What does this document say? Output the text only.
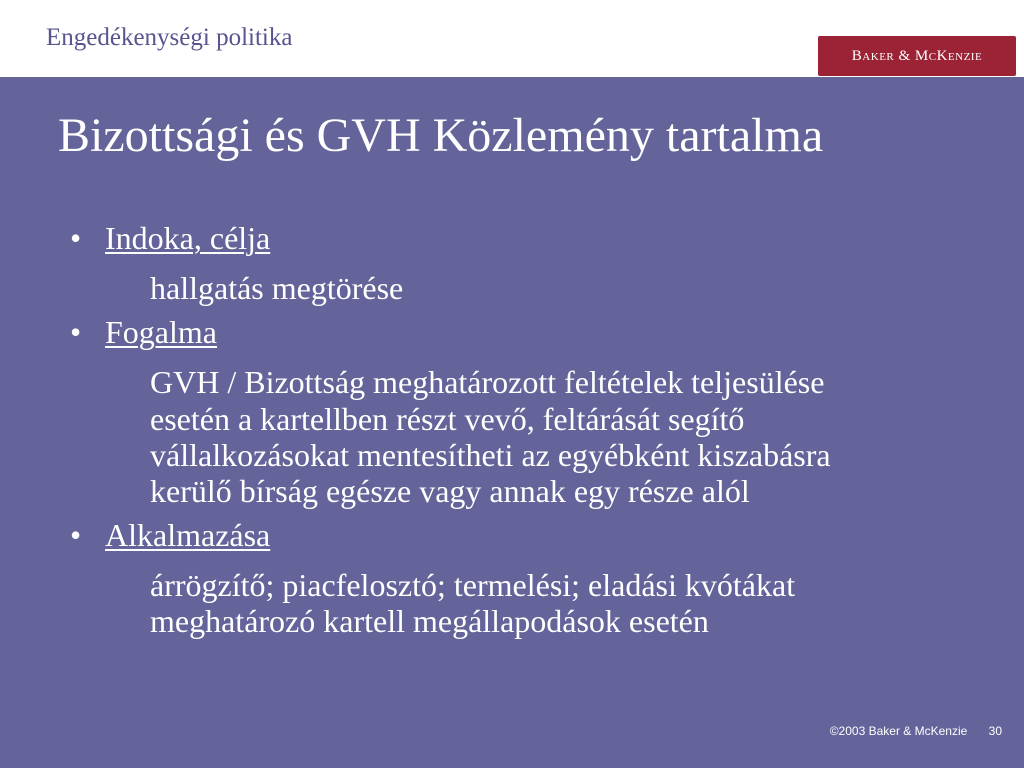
Engedékenységi politika
Baker & McKenzie
Bizottsági és GVH Közlemény tartalma
• Indoka, célja
hallgatás megtörése
• Fogalma
GVH / Bizottság meghatározott feltételek teljesülése
esetén a kartellben részt vevő, feltárását segítő
vállalkozásokat mentesítheti az egyébként kiszabásra
kerülő bírság egésze vagy annak egy része alól
• Alkalmazása
árrögzítő; piacfelosztó; termelési; eladási kvótákat
meghatározó kartell megállapodások esetén
©2003 Baker & McKenzie 30
